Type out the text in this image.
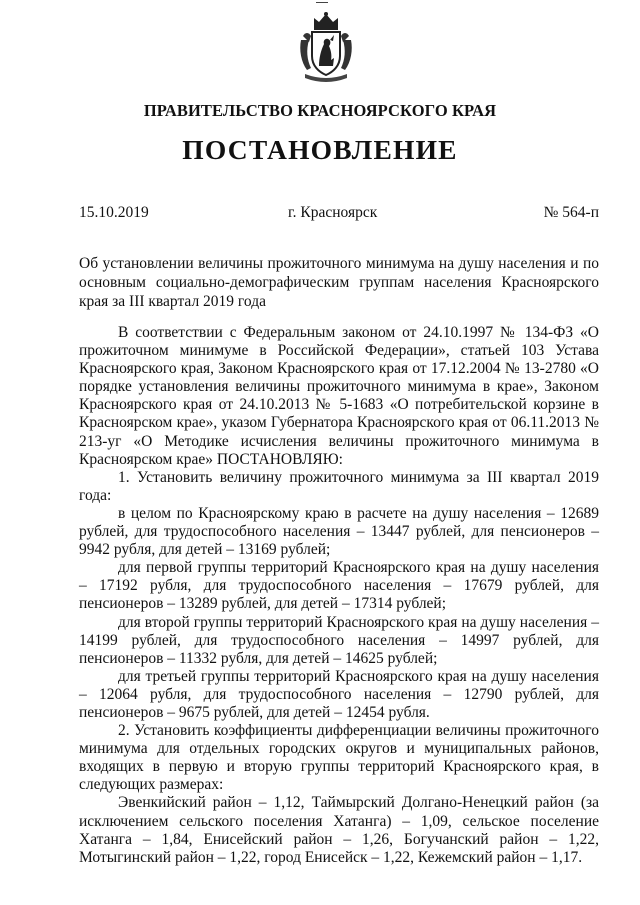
ПРАВИТЕЛЬСТВО КРАСНОЯРСКОГО КРАЯ
ПОСТАНОВЛЕНИЕ
15.10.2019	г. Красноярск	№ 564-п
Об установлении величины прожиточного минимума на душу населения и по основным социально-демографическим группам населения Красноярского края за III квартал 2019 года

В соответствии с Федеральным законом от 24.10.1997 № 134-ФЗ «О прожиточном минимуме в Российской Федерации», статьей 103 Устава Красноярского края, Законом Красноярского края от 17.12.2004 № 13-2780 «О порядке установления величины прожиточного минимума в крае», Законом Красноярского края от 24.10.2013 № 5-1683 «О потребительской корзине в Красноярском крае», указом Губернатора Красноярского края от 06.11.2013 № 213-уг «О Методике исчисления величины прожиточного минимума в Красноярском крае» ПОСТАНОВЛЯЮ:

1. Установить величину прожиточного минимума за III квартал 2019 года:

в целом по Красноярскому краю в расчете на душу населения – 12689 рублей, для трудоспособного населения – 13447 рублей, для пенсионеров – 9942 рубля, для детей – 13169 рублей;

для первой группы территорий Красноярского края на душу населения – 17192 рубля, для трудоспособного населения – 17679 рублей, для пенсионеров – 13289 рублей, для детей – 17314 рублей;

для второй группы территорий Красноярского края на душу населения – 14199 рублей, для трудоспособного населения – 14997 рублей, для пенсионеров – 11332 рубля, для детей – 14625 рублей;

для третьей группы территорий Красноярского края на душу населения – 12064 рубля, для трудоспособного населения – 12790 рублей, для пенсионеров – 9675 рублей, для детей – 12454 рубля.

2. Установить коэффициенты дифференциации величины прожиточного минимума для отдельных городских округов и муниципальных районов, входящих в первую и вторую группы территорий Красноярского края, в следующих размерах:

Эвенкийский район – 1,12, Таймырский Долгано-Ненецкий район (за исключением сельского поселения Хатанга) – 1,09, сельское поселение Хатанга – 1,84, Енисейский район – 1,26, Богучанский район – 1,22, Мотыгинский район – 1,22, город Енисейск – 1,22, Кежемский район – 1,17.
